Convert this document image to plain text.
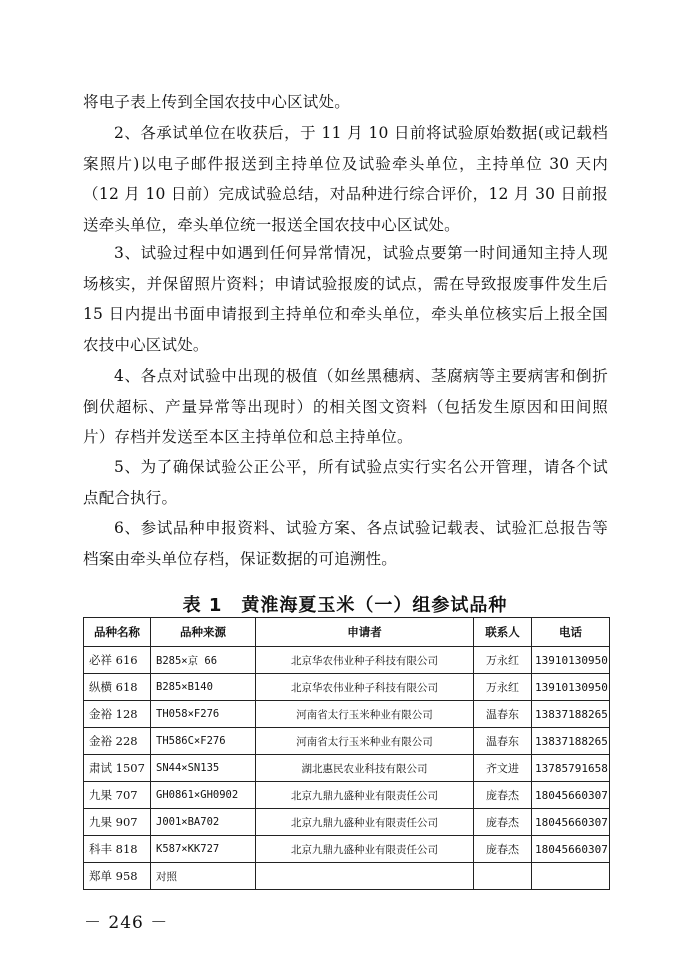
将电子表上传到全国农技中心区试处。

2、各承试单位在收获后，于 11 月 10 日前将试验原始数据(或记载档案照片)以电子邮件报送到主持单位及试验牵头单位，主持单位 30 天内（12 月 10 日前）完成试验总结，对品种进行综合评价，12 月 30 日前报送牵头单位，牵头单位统一报送全国农技中心区试处。

3、试验过程中如遇到任何异常情况，试验点要第一时间通知主持人现场核实，并保留照片资料；申请试验报废的试点，需在导致报废事件发生后 15 日内提出书面申请报到主持单位和牵头单位，牵头单位核实后上报全国农技中心区试处。

4、各点对试验中出现的极值（如丝黑穗病、茎腐病等主要病害和倒折倒伏超标、产量异常等出现时）的相关图文资料（包括发生原因和田间照片）存档并发送至本区主持单位和总主持单位。

5、为了确保试验公正公平，所有试验点实行实名公开管理，请各个试点配合执行。

6、参试品种申报资料、试验方案、各点试验记载表、试验汇总报告等档案由牵头单位存档，保证数据的可追溯性。

表 1　黄淮海夏玉米（一）组参试品种
品种名称	品种来源	申请者	联系人	电话
必祥 616	B285×京 66	北京华农伟业种子科技有限公司	万永红	13910130950
纵横 618	B285×B140	北京华农伟业种子科技有限公司	万永红	13910130950
金裕 128	TH058×F276	河南省太行玉米种业有限公司	温春东	13837188265
金裕 228	TH586C×F276	河南省太行玉米种业有限公司	温春东	13837188265
肃试 1507	SN44×SN135	湖北惠民农业科技有限公司	齐文进	13785791658
九果 707	GH0861×GH0902	北京九鼎九盛种业有限责任公司	庞春杰	18045660307
九果 907	J001×BA702	北京九鼎九盛种业有限责任公司	庞春杰	18045660307
科丰 818	K587×KK727	北京九鼎九盛种业有限责任公司	庞春杰	18045660307
郑单 958	对照			
－ 246 －
